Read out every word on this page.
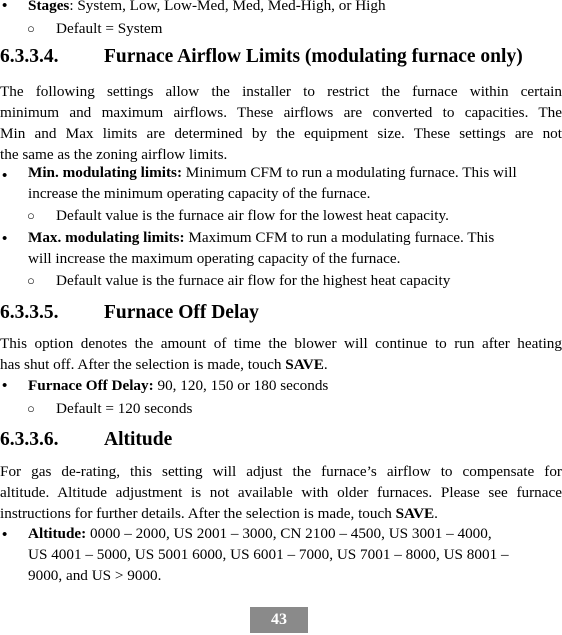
• Stages: System, Low, Low‐Med, Med, Med‐High, or High
○ Default = System
6.3.3.4. Furnace Airflow Limits (modulating furnace only)
The following settings allow the installer to restrict the furnace within certain
minimum and maximum airflows. These airflows are converted to capacities. The
Min and Max limits are determined by the equipment size. These settings are not
the same as the zoning airflow limits.
• Min. modulating limits: Minimum CFM to run a modulating furnace. This will
increase the minimum operating capacity of the furnace.
○ Default value is the furnace air flow for the lowest heat capacity.
• Max. modulating limits: Maximum CFM to run a modulating furnace. This
will increase the maximum operating capacity of the furnace.
○ Default value is the furnace air flow for the highest heat capacity
6.3.3.5. Furnace Off Delay
This option denotes the amount of time the blower will continue to run after heating
has shut off. After the selection is made, touch SAVE.
• Furnace Off Delay: 90, 120, 150 or 180 seconds
○ Default = 120 seconds
6.3.3.6. Altitude
For gas de‐rating, this setting will adjust the furnace’s airflow to compensate for
altitude. Altitude adjustment is not available with older furnaces. Please see furnace
instructions for further details. After the selection is made, touch SAVE.
• Altitude: 0000 – 2000, US 2001 – 3000, CN 2100 – 4500, US 3001 – 4000,
US 4001 – 5000, US 5001 6000, US 6001 – 7000, US 7001 – 8000, US 8001 –
9000, and US > 9000.
43
